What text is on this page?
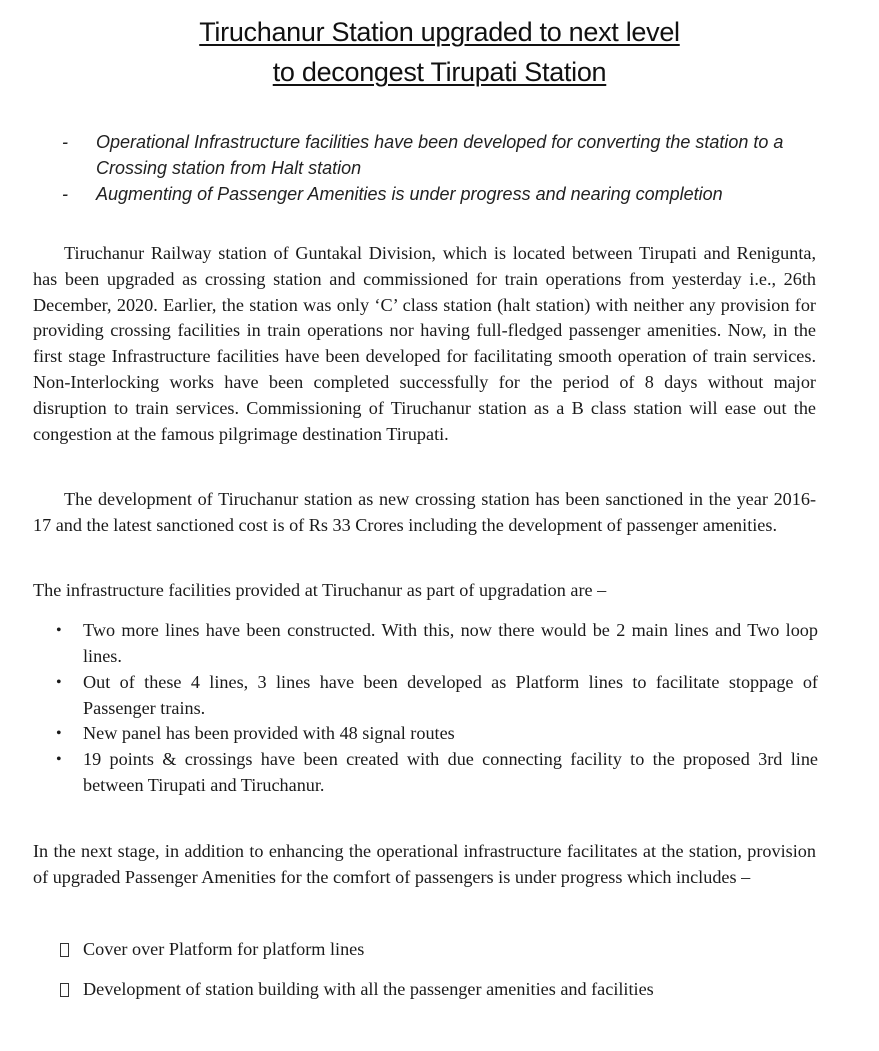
Tiruchanur Station upgraded to next level
to decongest Tirupati Station
- Operational Infrastructure facilities have been developed for converting the station to a Crossing station from Halt station
- Augmenting of Passenger Amenities is under progress and nearing completion

Tiruchanur Railway station of Guntakal Division, which is located between Tirupati and Renigunta, has been upgraded as crossing station and commissioned for train operations from yesterday i.e., 26th December, 2020. Earlier, the station was only ‘C’ class station (halt station) with neither any provision for providing crossing facilities in train operations nor having full-fledged passenger amenities. Now, in the first stage Infrastructure facilities have been developed for facilitating smooth operation of train services. Non-Interlocking works have been completed successfully for the period of 8 days without major disruption to train services. Commissioning of Tiruchanur station as a B class station will ease out the congestion at the famous pilgrimage destination Tirupati.

The development of Tiruchanur station as new crossing station has been sanctioned in the year 2016-17 and the latest sanctioned cost is of Rs 33 Crores including the development of passenger amenities.

The infrastructure facilities provided at Tiruchanur as part of upgradation are –

• Two more lines have been constructed. With this, now there would be 2 main lines and Two loop lines.
• Out of these 4 lines, 3 lines have been developed as Platform lines to facilitate stoppage of Passenger trains.
• New panel has been provided with 48 signal routes
• 19 points & crossings have been created with due connecting facility to the proposed 3rd line between Tirupati and Tiruchanur.

In the next stage, in addition to enhancing the operational infrastructure facilitates at the station, provision of upgraded Passenger Amenities for the comfort of passengers is under progress which includes –

Cover over Platform for platform lines
Development of station building with all the passenger amenities and facilities
